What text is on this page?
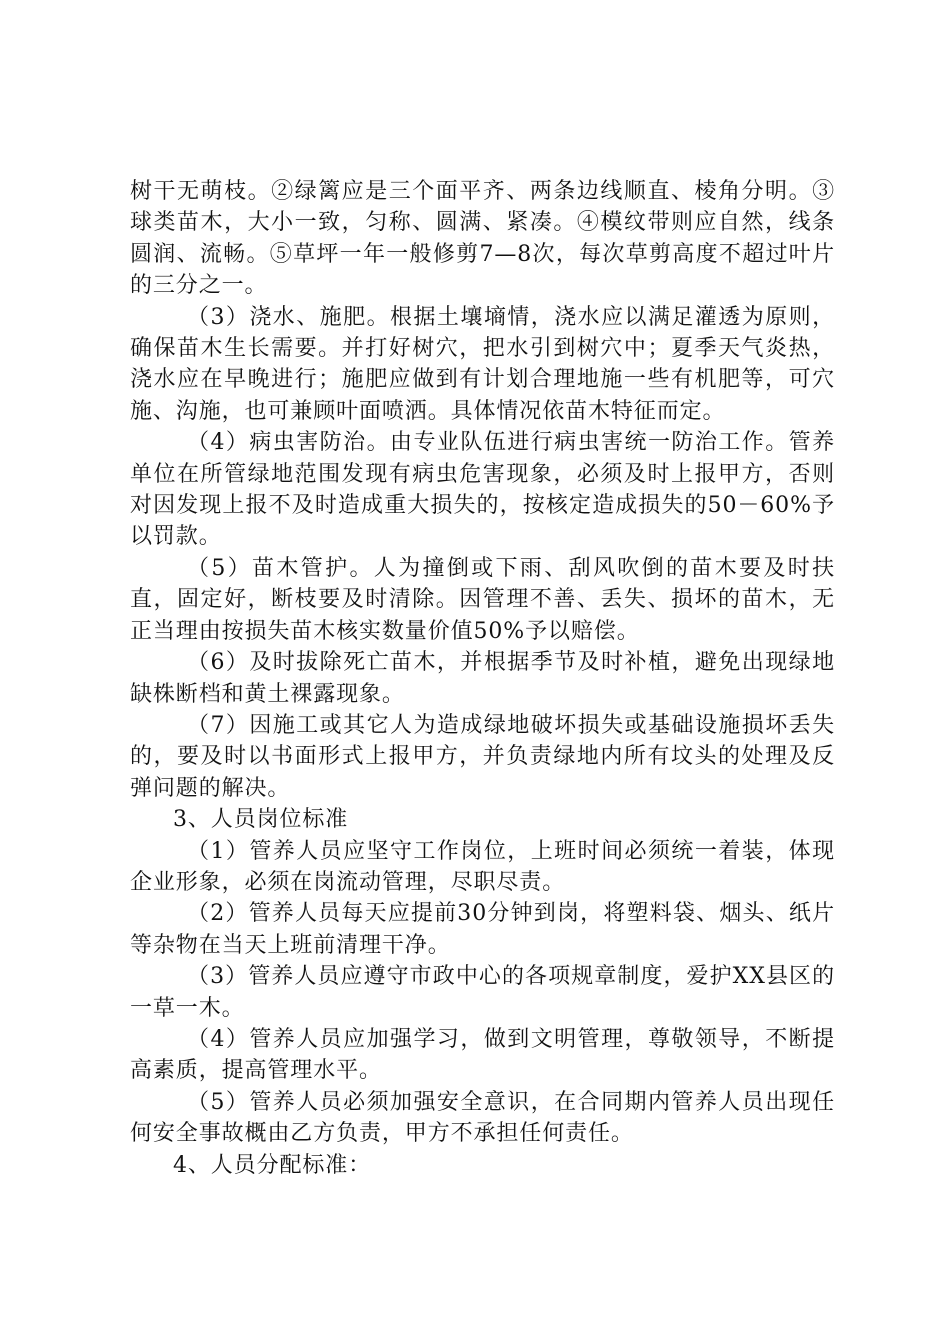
树干无萌枝。②绿篱应是三个面平齐、两条边线顺直、棱角分明。③球类苗木，大小一致，匀称、圆满、紧凑。④模纹带则应自然，线条圆润、流畅。⑤草坪一年一般修剪7—8次，每次草剪高度不超过叶片的三分之一。

（3）浇水、施肥。根据土壤墒情，浇水应以满足灌透为原则，确保苗木生长需要。并打好树穴，把水引到树穴中；夏季天气炎热，浇水应在早晚进行；施肥应做到有计划合理地施一些有机肥等，可穴施、沟施，也可兼顾叶面喷洒。具体情况依苗木特征而定。

（4）病虫害防治。由专业队伍进行病虫害统一防治工作。管养单位在所管绿地范围发现有病虫危害现象，必须及时上报甲方，否则对因发现上报不及时造成重大损失的，按核定造成损失的50－60%予以罚款。

（5）苗木管护。人为撞倒或下雨、刮风吹倒的苗木要及时扶直，固定好，断枝要及时清除。因管理不善、丢失、损坏的苗木，无正当理由按损失苗木核实数量价值50%予以赔偿。

（6）及时拔除死亡苗木，并根据季节及时补植，避免出现绿地缺株断档和黄土裸露现象。

（7）因施工或其它人为造成绿地破坏损失或基础设施损坏丢失的，要及时以书面形式上报甲方，并负责绿地内所有坟头的处理及反弹问题的解决。

3、人员岗位标准

（1）管养人员应坚守工作岗位，上班时间必须统一着装，体现企业形象，必须在岗流动管理，尽职尽责。

（2）管养人员每天应提前30分钟到岗，将塑料袋、烟头、纸片等杂物在当天上班前清理干净。

（3）管养人员应遵守市政中心的各项规章制度，爱护XX县区的一草一木。

（4）管养人员应加强学习，做到文明管理，尊敬领导，不断提高素质，提高管理水平。

（5）管养人员必须加强安全意识，在合同期内管养人员出现任何安全事故概由乙方负责，甲方不承担任何责任。

4、人员分配标准：
